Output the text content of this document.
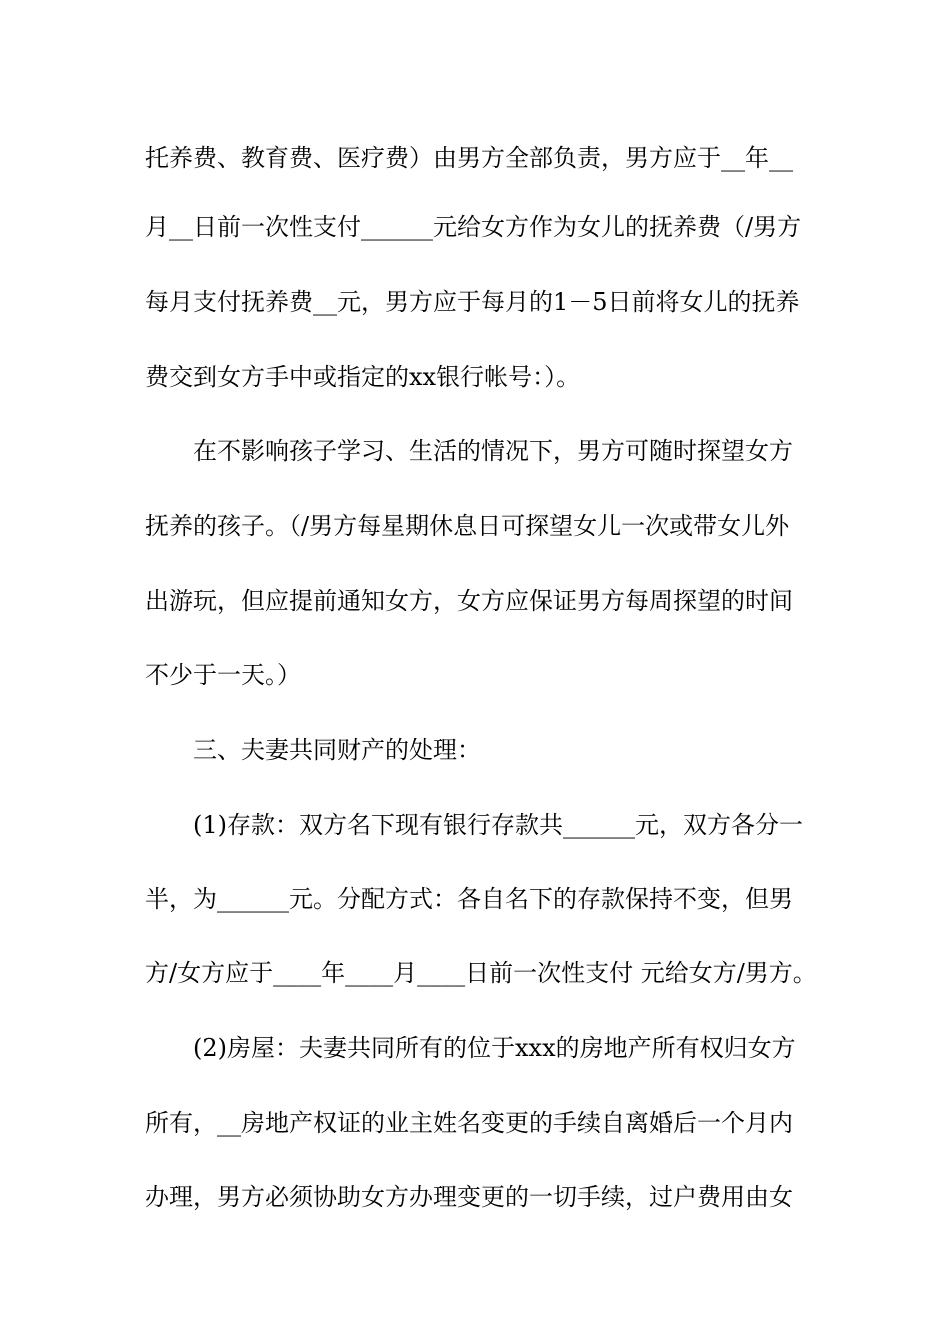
托养费、教育费、医疗费）由男方全部负责，男方应于__年__
月__日前一次性支付______元给女方作为女儿的抚养费（/男方
每月支付抚养费__元，男方应于每月的1－5日前将女儿的抚养
费交到女方手中或指定的xx银行帐号：）。
在不影响孩子学习、生活的情况下，男方可随时探望女方
抚养的孩子。（/男方每星期休息日可探望女儿一次或带女儿外
出游玩，但应提前通知女方，女方应保证男方每周探望的时间
不少于一天。）
三、夫妻共同财产的处理：
(1)存款：双方名下现有银行存款共______元，双方各分一
半，为______元。分配方式：各自名下的存款保持不变，但男
方/女方应于____年____月____日前一次性支付 元给女方/男方。
(2)房屋：夫妻共同所有的位于xxx的房地产所有权归女方
所有，__房地产权证的业主姓名变更的手续自离婚后一个月内
办理，男方必须协助女方办理变更的一切手续，过户费用由女
